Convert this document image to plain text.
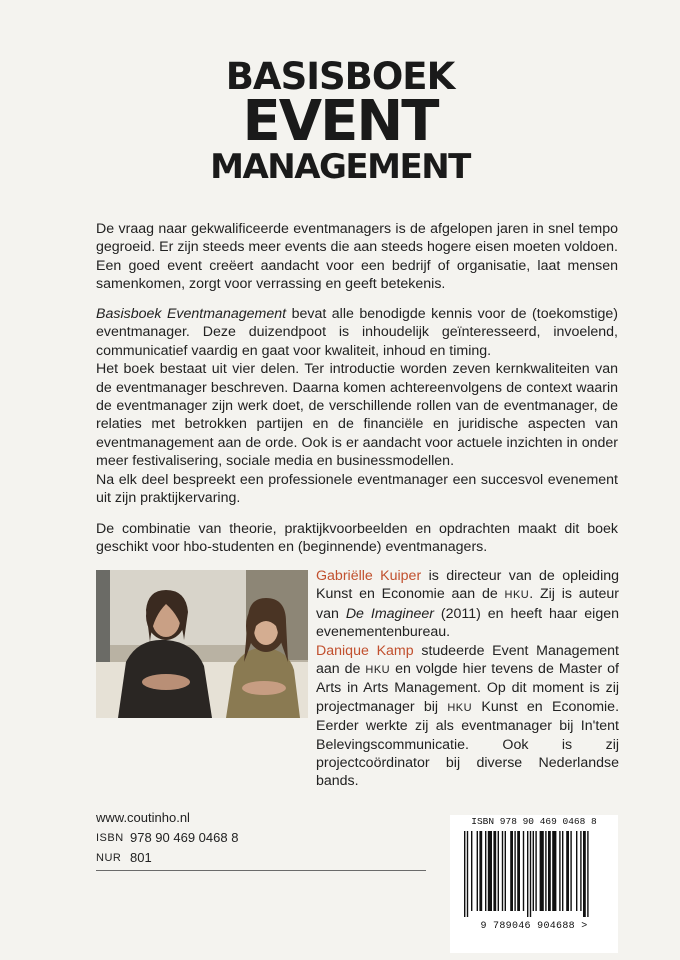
BASISBOEK
EVENT
MANAGEMENT

De vraag naar gekwalificeerde eventmanagers is de afgelopen jaren in snel tempo gegroeid. Er zijn steeds meer events die aan steeds hogere eisen moeten voldoen. Een goed event creëert aandacht voor een bedrijf of organisatie, laat mensen samenkomen, zorgt voor verrassing en geeft betekenis.

Basisboek Eventmanagement bevat alle benodigde kennis voor de (toekomstige) eventmanager. Deze duizendpoot is inhoudelijk geïnteresseerd, invoelend, communicatief vaardig en gaat voor kwaliteit, inhoud en timing.

Het boek bestaat uit vier delen. Ter introductie worden zeven kernkwaliteiten van de eventmanager beschreven. Daarna komen achtereenvolgens de context waarin de eventmanager zijn werk doet, de verschillende rollen van de eventmanager, de relaties met betrokken partijen en de financiële en juridische aspecten van eventmanagement aan de orde. Ook is er aandacht voor actuele inzichten in onder meer festivalisering, sociale media en businessmodellen.

Na elk deel bespreekt een professionele eventmanager een succesvol evenement uit zijn praktijkervaring.

De combinatie van theorie, praktijkvoorbeelden en opdrachten maakt dit boek geschikt voor hbo-studenten en (beginnende) eventmanagers.

Gabriëlle Kuiper is directeur van de opleiding Kunst en Economie aan de HKU. Zij is auteur van De Imagineer (2011) en heeft haar eigen evenementenbureau.

Danique Kamp studeerde Event Management aan de HKU en volgde hier tevens de Master of Arts in Arts Management. Op dit moment is zij projectmanager bij HKU Kunst en Economie. Eerder werkte zij als eventmanager bij In'tent Belevingscommunicatie. Ook is zij projectcoördinator bij diverse Nederlandse bands.

www.coutinho.nl
ISBN 978 90 469 0468 8
NUR 801
ISBN 978 90 469 0468 8
9 789046 904688 >
